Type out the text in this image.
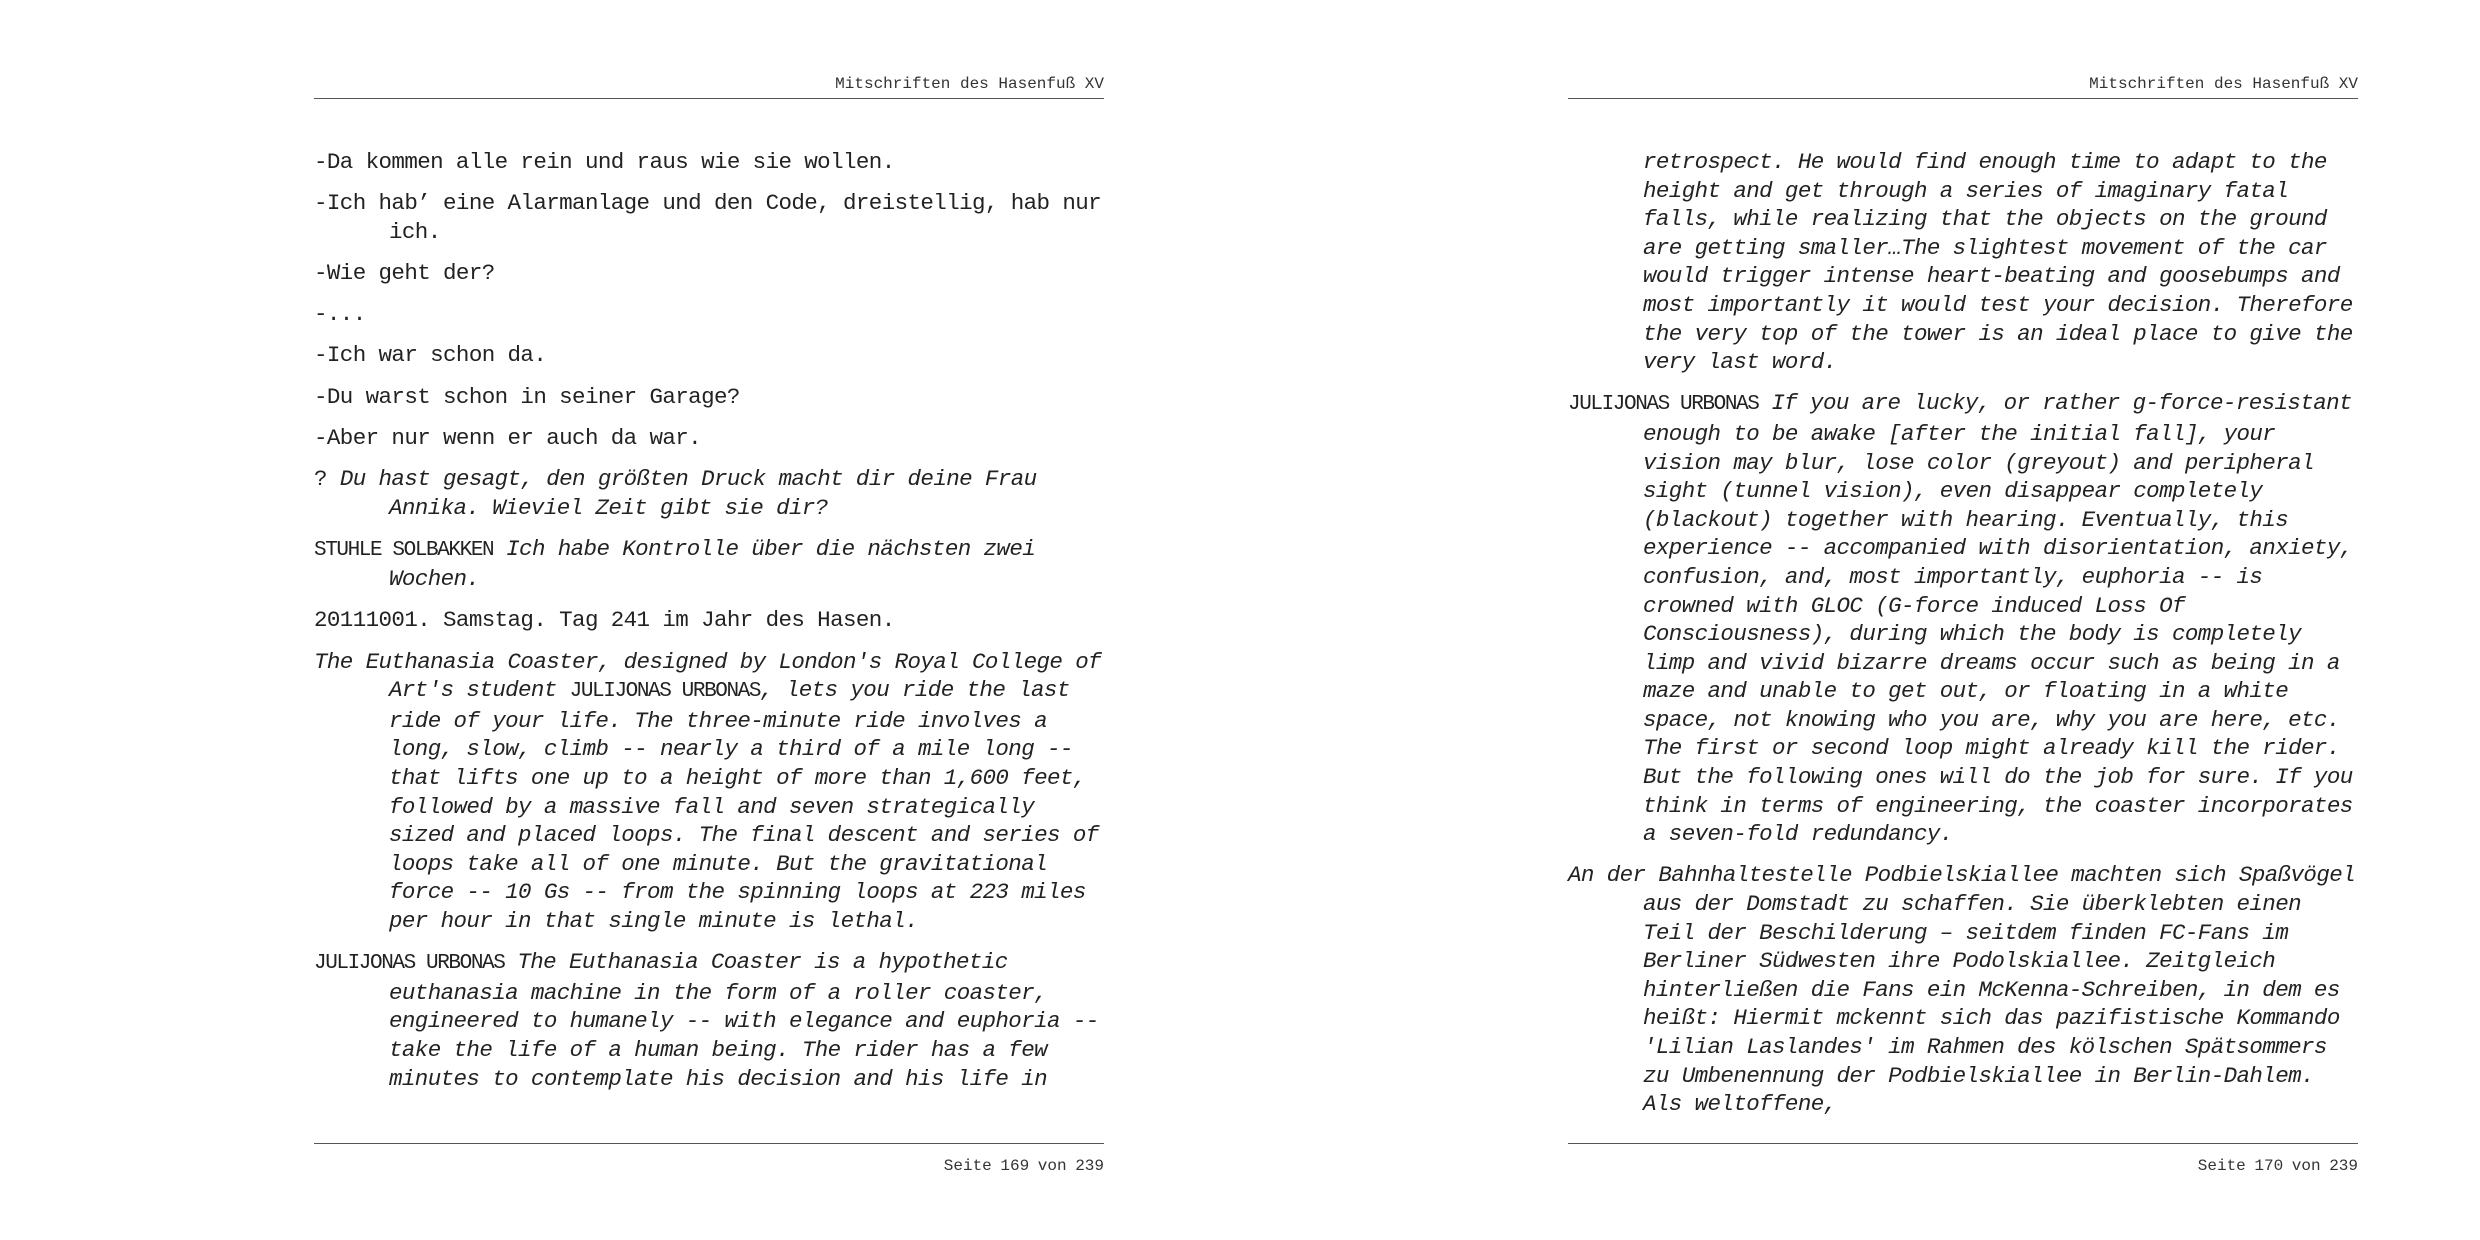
Mitschriften des Hasenfuß XV

-Da kommen alle rein und raus wie sie wollen.

-Ich hab’ eine Alarmanlage und den Code, dreistellig, hab nur ich.

-Wie geht der?

-...

-Ich war schon da.

-Du warst schon in seiner Garage?

-Aber nur wenn er auch da war.

? Du hast gesagt, den größten Druck macht dir deine Frau Annika. Wieviel Zeit gibt sie dir?

STUHLE SOLBAKKEN Ich habe Kontrolle über die nächsten zwei Wochen.

20111001. Samstag. Tag 241 im Jahr des Hasen.

The Euthanasia Coaster, designed by London's Royal College of Art's student JULIJONAS URBONAS, lets you ride the last ride of your life. The three-minute ride involves a long, slow, climb -- nearly a third of a mile long -- that lifts one up to a height of more than 1,600 feet, followed by a massive fall and seven strategically sized and placed loops. The final descent and series of loops take all of one minute. But the gravitational force -- 10 Gs -- from the spinning loops at 223 miles per hour in that single minute is lethal.

JULIJONAS URBONAS The Euthanasia Coaster is a hypothetic euthanasia machine in the form of a roller coaster, engineered to humanely -- with elegance and euphoria -- take the life of a human being. The rider has a few minutes to contemplate his decision and his life in

Seite 169 von 239
Mitschriften des Hasenfuß XV

retrospect. He would find enough time to adapt to the height and get through a series of imaginary fatal falls, while realizing that the objects on the ground are getting smaller…The slightest movement of the car would trigger intense heart-beating and goosebumps and most importantly it would test your decision. Therefore the very top of the tower is an ideal place to give the very last word.

JULIJONAS URBONAS If you are lucky, or rather g-force-resistant enough to be awake [after the initial fall], your vision may blur, lose color (greyout) and peripheral sight (tunnel vision), even disappear completely (blackout) together with hearing. Eventually, this experience -- accompanied with disorientation, anxiety, confusion, and, most importantly, euphoria -- is crowned with GLOC (G-force induced Loss Of Consciousness), during which the body is completely limp and vivid bizarre dreams occur such as being in a maze and unable to get out, or floating in a white space, not knowing who you are, why you are here, etc. The first or second loop might already kill the rider. But the following ones will do the job for sure. If you think in terms of engineering, the coaster incorporates a seven-fold redundancy.

An der Bahnhaltestelle Podbielskiallee machten sich Spaßvögel aus der Domstadt zu schaffen. Sie überklebten einen Teil der Beschilderung – seitdem finden FC-Fans im Berliner Südwesten ihre Podolskiallee. Zeitgleich hinterließen die Fans ein McKenna-Schreiben, in dem es heißt: Hiermit mckennt sich das pazifistische Kommando 'Lilian Laslandes' im Rahmen des kölschen Spätsommers zu Umbenennung der Podbielskiallee in Berlin-Dahlem. Als weltoffene,

Seite 170 von 239
